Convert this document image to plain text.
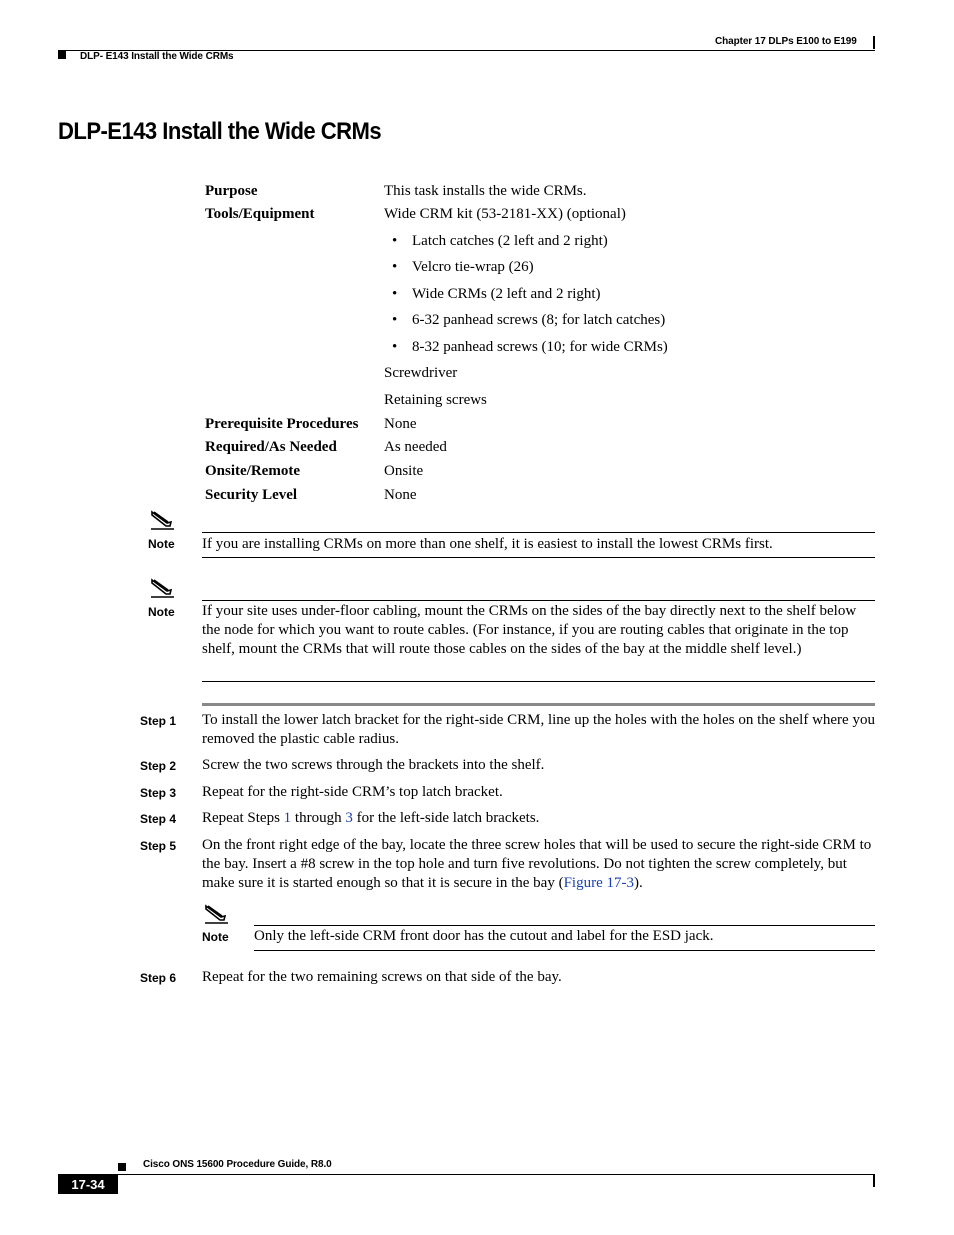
Chapter 17 DLPs E100 to E199
DLP- E143 Install the Wide CRMs
DLP-E143 Install the Wide CRMs
Purpose	This task installs the wide CRMs.
Tools/Equipment	Wide CRM kit (53-2181-XX) (optional)
• Latch catches (2 left and 2 right)
• Velcro tie-wrap (26)
• Wide CRMs (2 left and 2 right)
• 6-32 panhead screws (8; for latch catches)
• 8-32 panhead screws (10; for wide CRMs)
Screwdriver
Retaining screws
Prerequisite Procedures None
Required/As Needed	As needed
Onsite/Remote	Onsite
Security Level	None
Note If you are installing CRMs on more than one shelf, it is easiest to install the lowest CRMs first.
Note If your site uses under-floor cabling, mount the CRMs on the sides of the bay directly next to the shelf below the node for which you want to route cables. (For instance, if you are routing cables that originate in the top shelf, mount the CRMs that will route those cables on the sides of the bay at the middle shelf level.)
Step 1 To install the lower latch bracket for the right-side CRM, line up the holes with the holes on the shelf where you removed the plastic cable radius.
Step 2 Screw the two screws through the brackets into the shelf.
Step 3 Repeat for the right-side CRM’s top latch bracket.
Step 4 Repeat Steps 1 through 3 for the left-side latch brackets.
Step 5 On the front right edge of the bay, locate the three screw holes that will be used to secure the right-side CRM to the bay. Insert a #8 screw in the top hole and turn five revolutions. Do not tighten the screw completely, but make sure it is started enough so that it is secure in the bay (Figure 17-3).
Note Only the left-side CRM front door has the cutout and label for the ESD jack.
Step 6 Repeat for the two remaining screws on that side of the bay.
Cisco ONS 15600 Procedure Guide, R8.0
17-34
